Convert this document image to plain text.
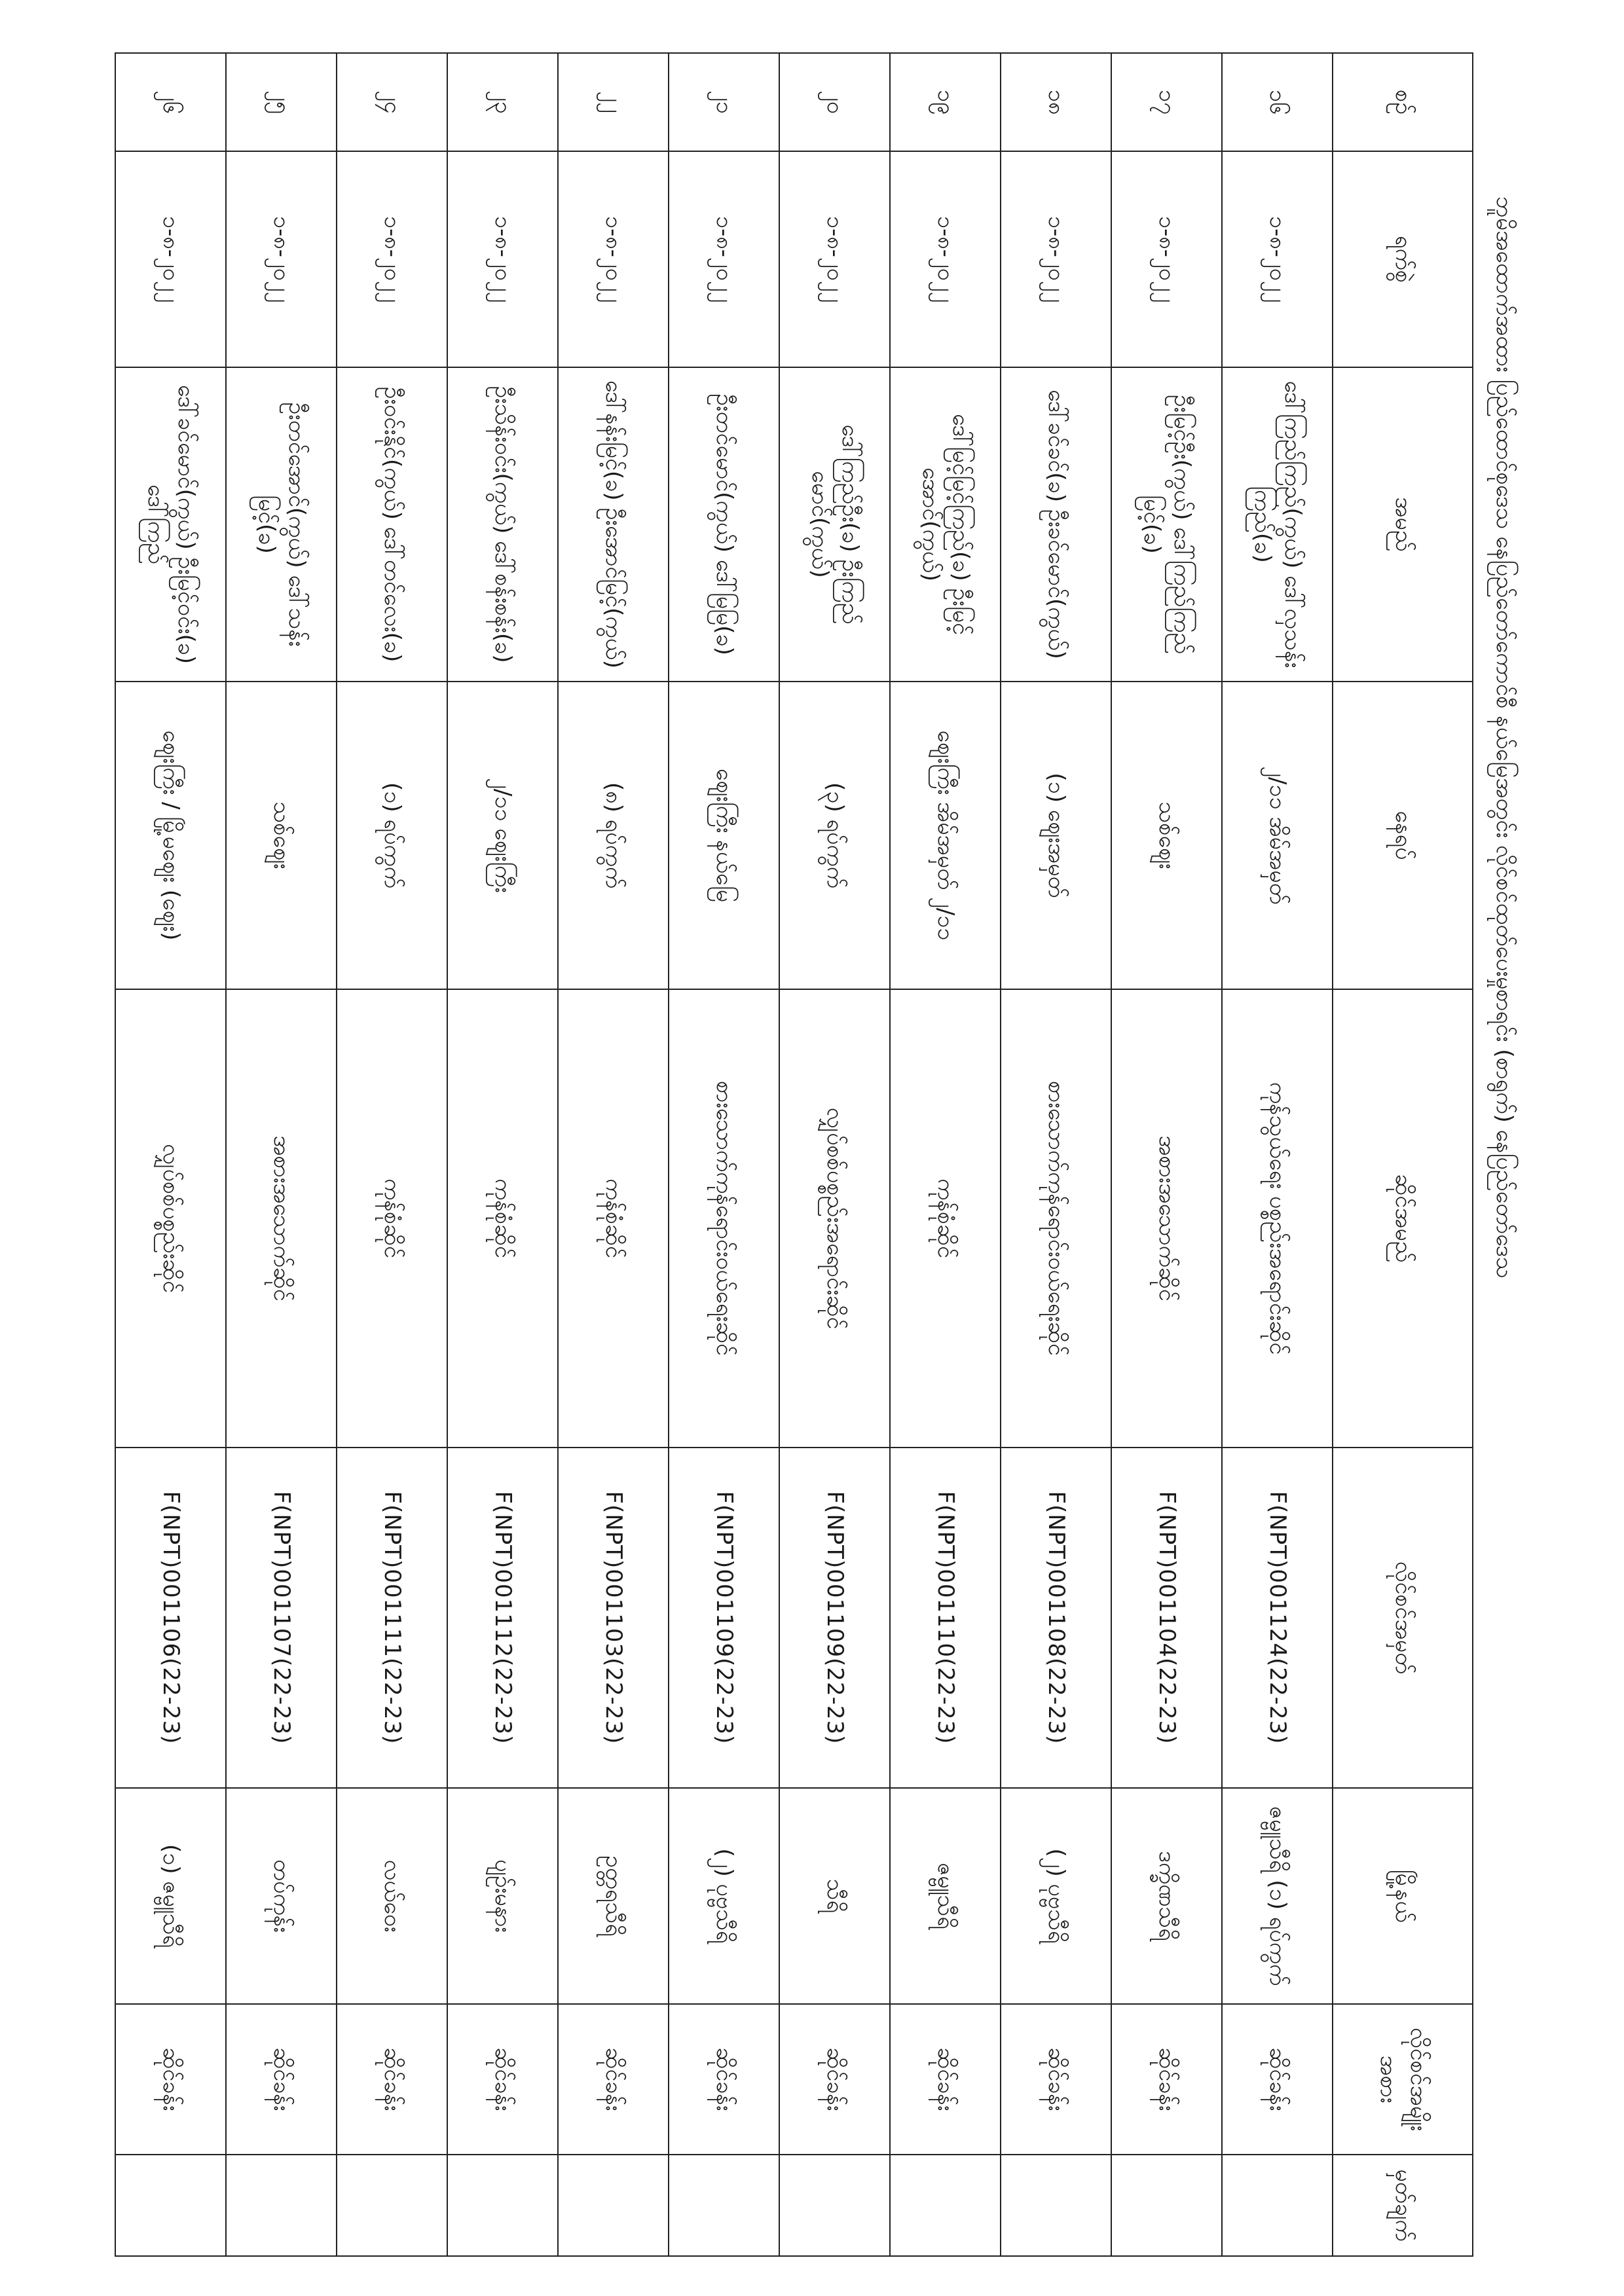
ဘူမိအထောက်အထား ပြည်ထောင်စုဒေသ နေပြည်တော်ကောင်စီ နယ်မြေအတွင်း လိုင်စင်ထုတ်ပေးမှုစာရင်း (စာရွက်) နေပြည်တော်ဒေသ
စဉ်	ရက်စွဲ	အမည်	နေရပ်	ဆိုင်အမည်	လိုင်စင်အမှတ်	မြို့နယ်	လိုင်စင်အမျိုးအစား	မှတ်ချက်
၁၆	၁-၈-၂၀၂၂	ဒေါ်ကြည်ကြည်(ကွယ်) ဒေါ်လှသန်းကြည်(ခ)	၂/၁၁ အိမ်အမှတ်	ကုန်သွယ်ရေး ပစ္စည်းအရောင်းဆိုင်	F(NPT)001124(22-23)	ဇမ္ဗူသီရိ (၁) ရပ်ကွက်	ဆိုင်ခန်း	
၁၇	၁-၈-၂၀၂၂	ဦးမြင့်ဦး(ကွယ်) ဒေါ်ကြည်ကြည်မြင့်(ခ)	သစ်ဈေး	အစားအသောက်ဆိုင်	F(NPT)001104(22-23)	ဒက္ခိဏသီရိ	ဆိုင်ခန်း	
၁၈	၁-၈-၂၀၂၂	ဒေါ်ခင်ခင်(ခ) ဦးခင်မောင်(ကွယ်)	(၁) ဈေးအမှတ်	စားသောက်ကုန်ရောင်းဝယ်ရေးဆိုင်	F(NPT)001108(22-23)	(၂) ပုဗ္ဗသီရိ	ဆိုင်ခန်း	
၁၉	၁-၈-၂၀၂၂	ဒေါ်မြင့်မြင့်ကြည်(ခ) ဦးမြင့်အောင်(ကွယ်)	ဈေးကြီး အိမ်အမှတ် ၂/၁၁	ကုန်စုံဆိုင်	F(NPT)001110(22-23)	ဇမ္ဗူသီရိ	ဆိုင်ခန်း	
၂၀	၁-၈-၂၀၂၂	ဒေါ်ကြည်ဦး(ခ) ဦးကြည်မောင်(ကွယ်)	(၃) ရပ်ကွက်	လျှပ်စစ်ပစ္စည်းအရောင်းဆိုင်	F(NPT)001109(22-23)	သီရိ	ဆိုင်ခန်း	
၂၁	၁-၈-၂၀၂၂	ဦးတင်မောင်(ကွယ်) ဒေါ်မြမြ(ခ)	ဈေးကြီး နယ်မြေ	စားသောက်ကုန်ရောင်းဝယ်ရေးဆိုင်	F(NPT)001109(22-23)	(၂) ပုဗ္ဗသီရိ	ဆိုင်ခန်း	
၂၂	၁-၈-၂၀၂၂	ဒေါ်နန်းမြင့်(ခ) ဦးအောင်မြင့်(ကွယ်)	(၈) ရပ်ကွက်	ကုန်စုံဆိုင်	F(NPT)001103(22-23)	ဥတ္တရသီရိ	ဆိုင်ခန်း	
၂၃	၁-၈-၂၀၂၂	ဦးသိန်းဝင်း(ကွယ်) ဒေါ်စန်းစန်း(ခ)	၂/၁၁ ဈေးကြီး	ကုန်စုံဆိုင်	F(NPT)001112(22-23)	ပျဉ်းမနား	ဆိုင်ခန်း	
၂၄	၁-၈-၂၀၂၂	ဦးဝင်းနိုင်(ကွယ်) ဒေါ်တင်လေး(ခ)	(၁) ရပ်ကွက်	ကုန်စုံဆိုင်	F(NPT)001111(22-23)	လယ်ဝေး	ဆိုင်ခန်း	
၂၅	၁-၈-၂၀၂၂	ဦးတင်အောင်(ကွယ်) ဒေါ်သန်းမြင့်(ခ)	သစ်ဈေး	အစားအသောက်ဆိုင်	F(NPT)001107(22-23)	တပ်ကုန်း	ဆိုင်ခန်း	
၂၆	၁-၈-၂၀၂၂	ဒေါ်ခင်မောင်(ကွယ်) ဦးမြင့်ဝင်း(ခ) ဒေါ်ကြည်	ဈေးကြီး / မြို့မဈေး (ဈေး)	လျှပ်စစ်ပစ္စည်းဆိုင်	F(NPT)001106(22-23)	(၁) ဇမ္ဗူသီရိ	ဆိုင်ခန်း	
